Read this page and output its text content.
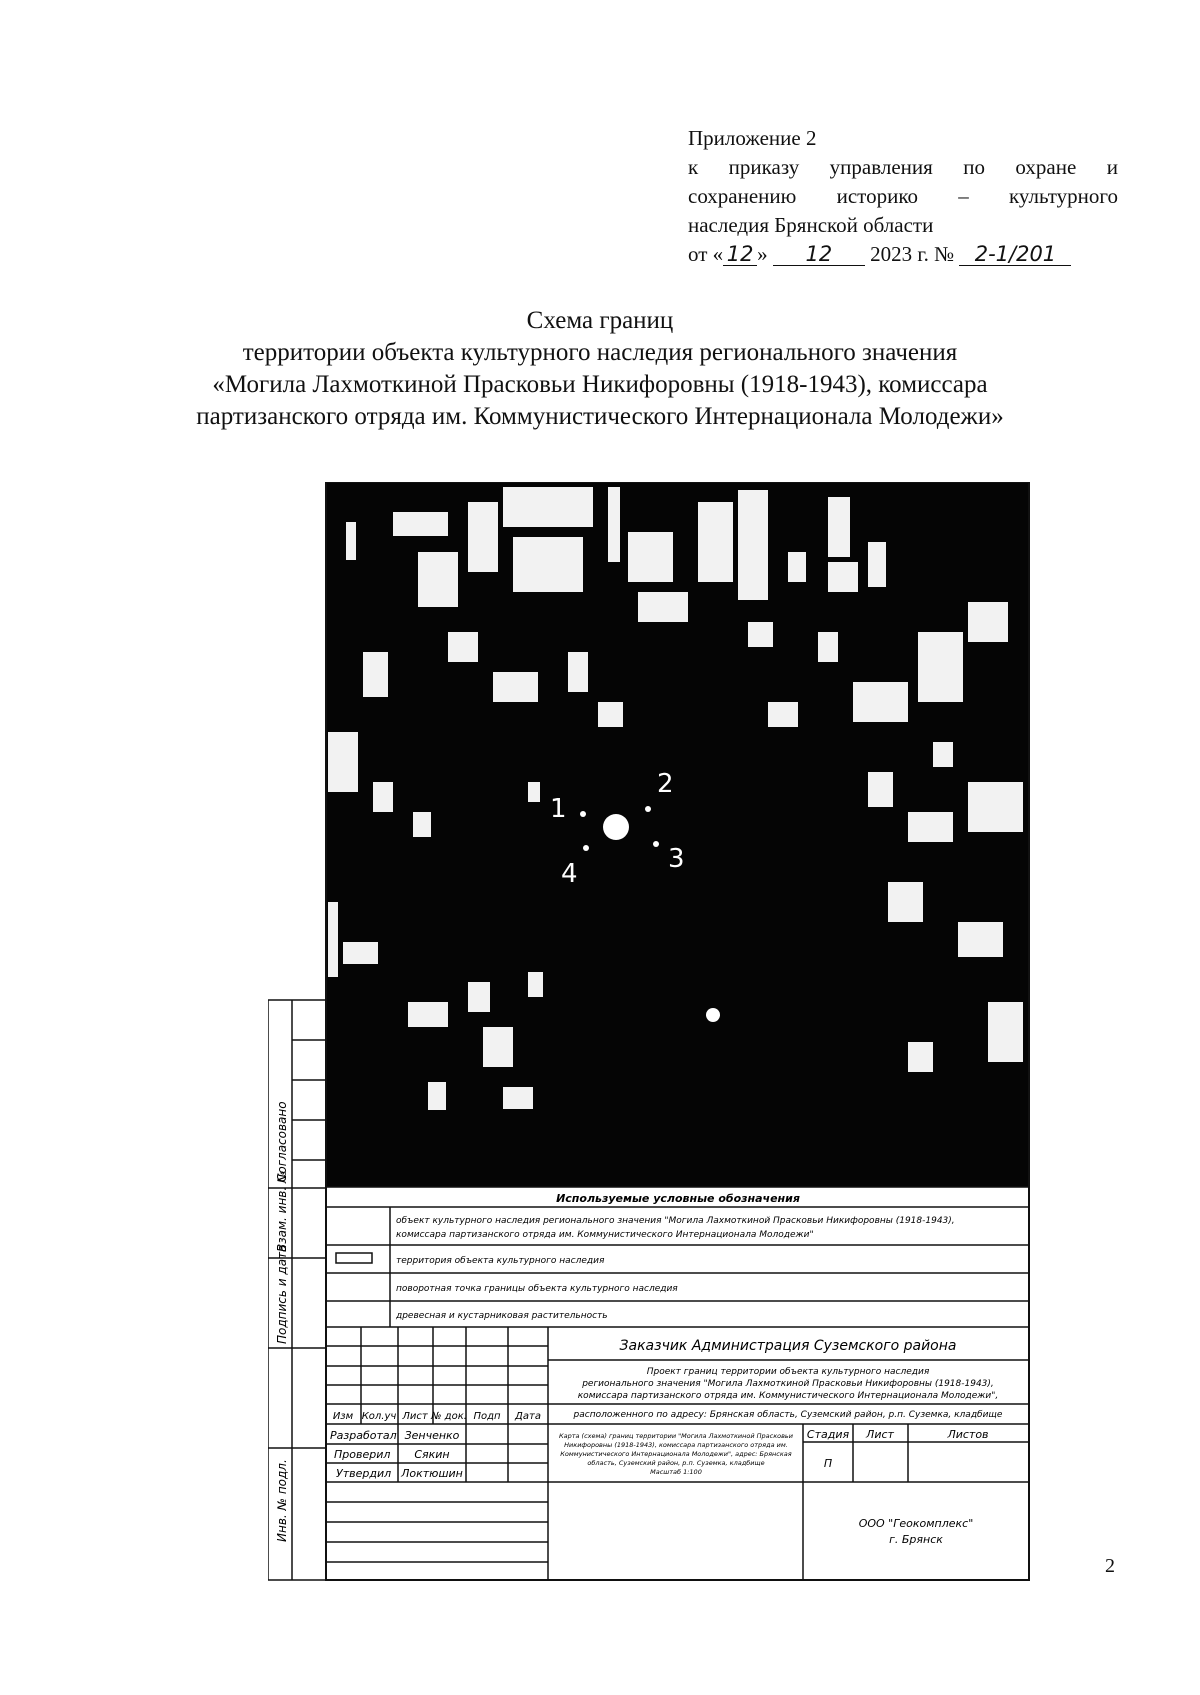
Приложение 2
к приказу управления по охране и
сохранению историко – культурного
наследия Брянской области
от « 12 » 12 2023 г. № 2-1/201
Схема границ
территории объекта культурного наследия регионального значения
«Могила Лахмоткиной Прасковьи Никифоровны (1918-1943), комиссара
партизанского отряда им. Коммунистического Интернационала Молодежи»
1
2
3
4
Согласовано
Взам. инв. №
Подпись и дата
Инв. № подл.
Используемые условные обозначения
объект культурного наследия регионального значения "Могила Лахмоткиной Прасковьи Никифоровны (1918-1943),
комиссара партизанского отряда им. Коммунистического Интернационала Молодежи"
территория объекта культурного наследия
поворотная точка границы объекта культурного наследия
древесная и кустарниковая растительность
Изм Кол.уч Лист № док. Подп Дата
Разработал Зенченко
Проверил Сякин
Утвердил Локтюшин
Заказчик Администрация Суземского района
Проект границ территории объекта культурного наследия
регионального значения "Могила Лахмоткиной Прасковьи Никифоровны (1918-1943),
комиссара партизанского отряда им. Коммунистического Интернационала Молодежи",
расположенного по адресу: Брянская область, Суземский район, р.п. Суземка, кладбище
Карта (схема) границ территории "Могила Лахмоткиной Прасковьи
Никифоровны (1918-1943), комиссара партизанского отряда им.
Коммунистического Интернационала Молодежи", адрес: Брянская
область, Суземский район, р.п. Суземка, кладбище
Масштаб 1:100
Стадия Лист	Листов
П
ООО "Геокомплекс"
г. Брянск
2
